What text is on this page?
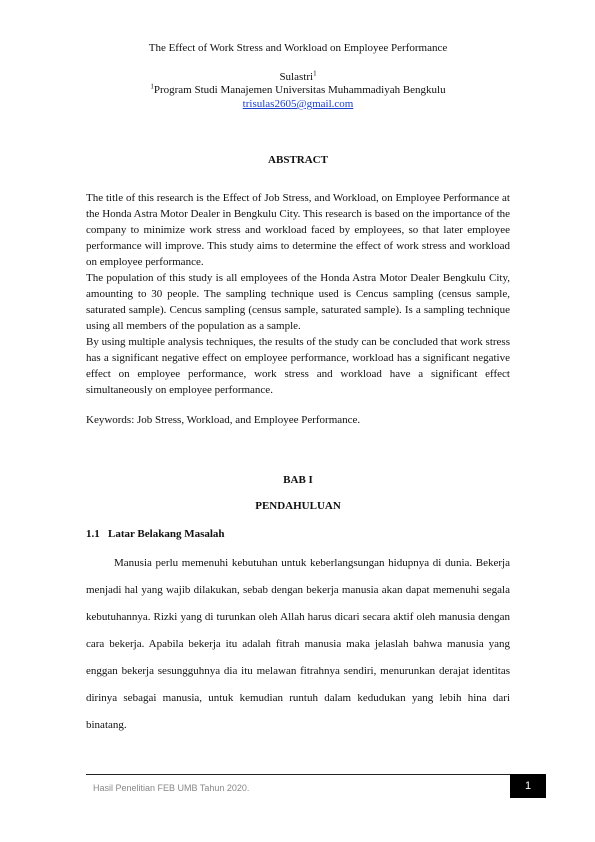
The Effect of Work Stress and Workload on Employee Performance
Sulastri$^1$
$^1$Program Studi Manajemen Universitas Muhammadiyah Bengkulu
trisulas2605@gmail.com
ABSTRACT

The title of this research is the Effect of Job Stress, and Workload, on Employee Performance at the Honda Astra Motor Dealer in Bengkulu City. This research is based on the importance of the company to minimize work stress and workload faced by employees, so that later employee performance will improve. This study aims to determine the effect of work stress and workload on employee performance.

The population of this study is all employees of the Honda Astra Motor Dealer Bengkulu City, amounting to 30 people. The sampling technique used is Cencus sampling (census sample, saturated sample). Cencus sampling (census sample, saturated sample). Is a sampling technique using all members of the population as a sample.

By using multiple analysis techniques, the results of the study can be concluded that work stress has a significant negative effect on employee performance, workload has a significant negative effect on employee performance, work stress and workload have a significant effect simultaneously on employee performance.

Keywords: Job Stress, Workload, and Employee Performance.
BAB I
PENDAHULUAN
1.1 Latar Belakang Masalah

Manusia perlu memenuhi kebutuhan untuk keberlangsungan hidupnya di dunia. Bekerja menjadi hal yang wajib dilakukan, sebab dengan bekerja manusia akan dapat memenuhi segala kebutuhannya. Rizki yang di turunkan oleh Allah harus dicari secara aktif oleh manusia dengan cara bekerja. Apabila bekerja itu adalah fitrah manusia maka jelaslah bahwa manusia yang enggan bekerja sesungguhnya dia itu melawan fitrahnya sendiri, menurunkan derajat identitas dirinya sebagai manusia, untuk kemudian runtuh dalam kedudukan yang lebih hina dari binatang.

Hasil Penelitian FEB UMB Tahun 2020.	1
